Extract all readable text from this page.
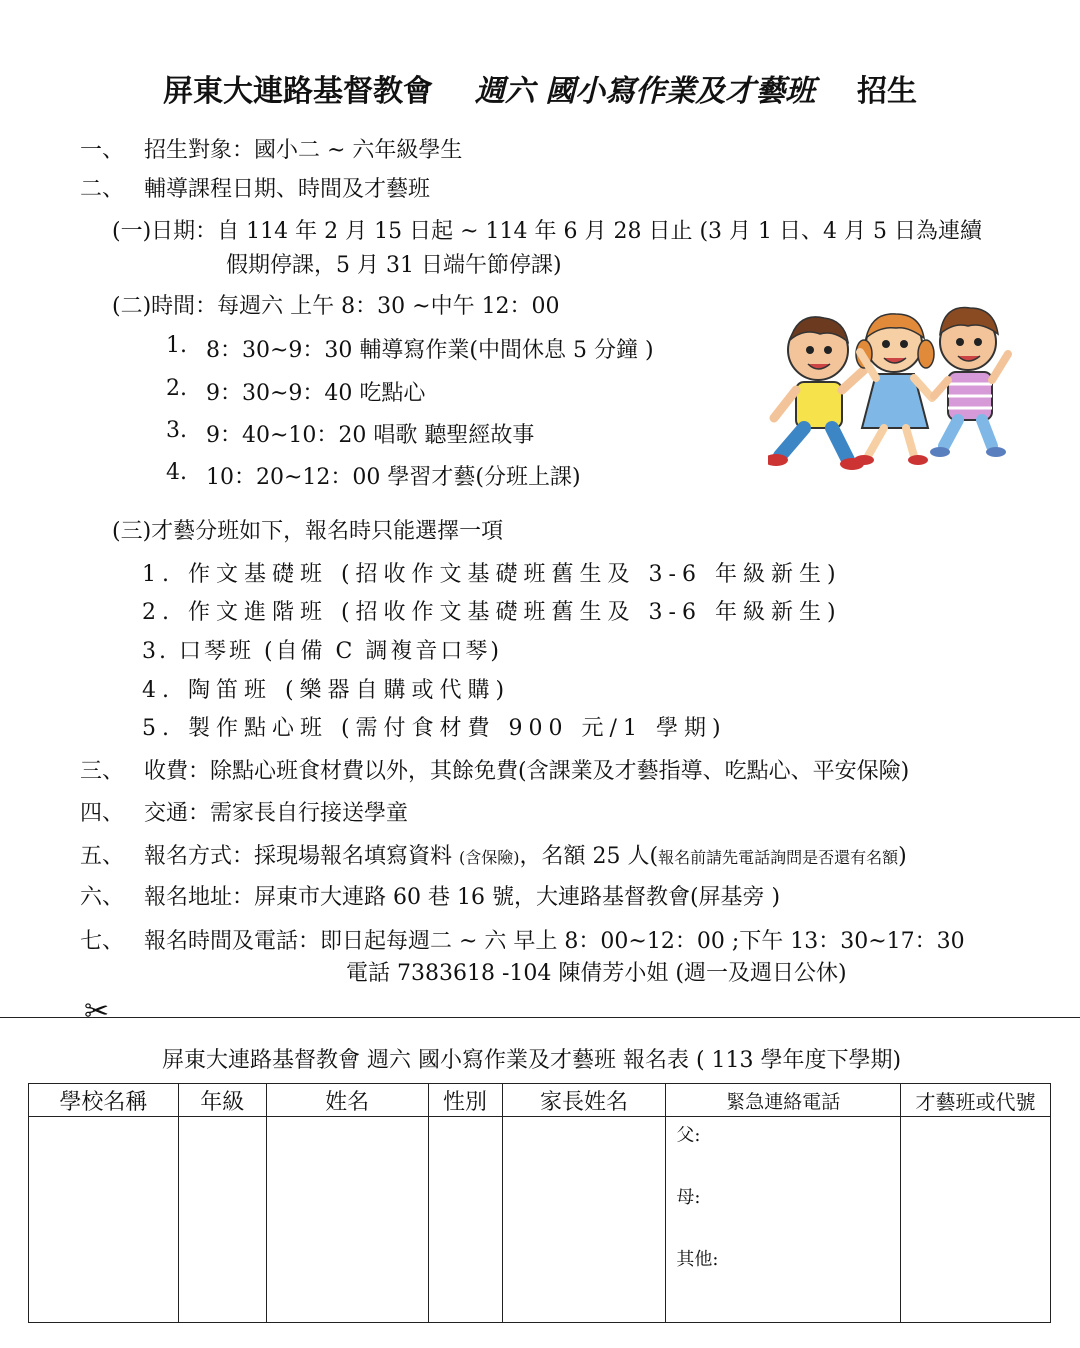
屏東大連路基督教會 週六 國小寫作業及才藝班 招生
一、 招生對象：國小二 ~ 六年級學生
二、 輔導課程日期、時間及才藝班
(一)日期：自 114 年 2 月 15 日起 ~ 114 年 6 月 28 日止 (3 月 1 日、4 月 5 日為連續
假期停課，5 月 31 日端午節停課)
(二)時間：每週六 上午 8：30 ~中午 12：00
1. 8：30~9：30 輔導寫作業(中間休息 5 分鐘 )
2. 9：30~9：40 吃點心
3. 9：40~10：20 唱歌 聽聖經故事
4. 10：20~12：00 學習才藝(分班上課)
(三)才藝分班如下，報名時只能選擇一項
1. 作文基礎班 (招收作文基礎班舊生及 3-6 年級新生)
2. 作文進階班 (招收作文基礎班舊生及 3-6 年級新生)
3. 口琴班 (自備 C 調複音口琴)
4. 陶笛班 (樂器自購或代購)
5. 製作點心班 (需付食材費 900 元/1 學期)
三、 收費：除點心班食材費以外，其餘免費(含課業及才藝指導、吃點心、平安保險)
四、 交通：需家長自行接送學童
五、 報名方式：採現場報名填寫資料 (含保險)，名額 25 人(報名前請先電話詢問是否還有名額)
六、 報名地址：屏東市大連路 60 巷 16 號，大連路基督教會(屏基旁 )
七、 報名時間及電話：即日起每週二 ~ 六 早上 8：00~12：00 ;下午 13：30~17：30
電話 7383618 -104 陳倩芳小姐 (週一及週日公休)
✂
屏東大連路基督教會 週六 國小寫作業及才藝班 報名表 ( 113 學年度下學期)
學校名稱	年級	姓名	性別	家長姓名	緊急連絡電話	才藝班或代號

					父:
母:
其他:	
